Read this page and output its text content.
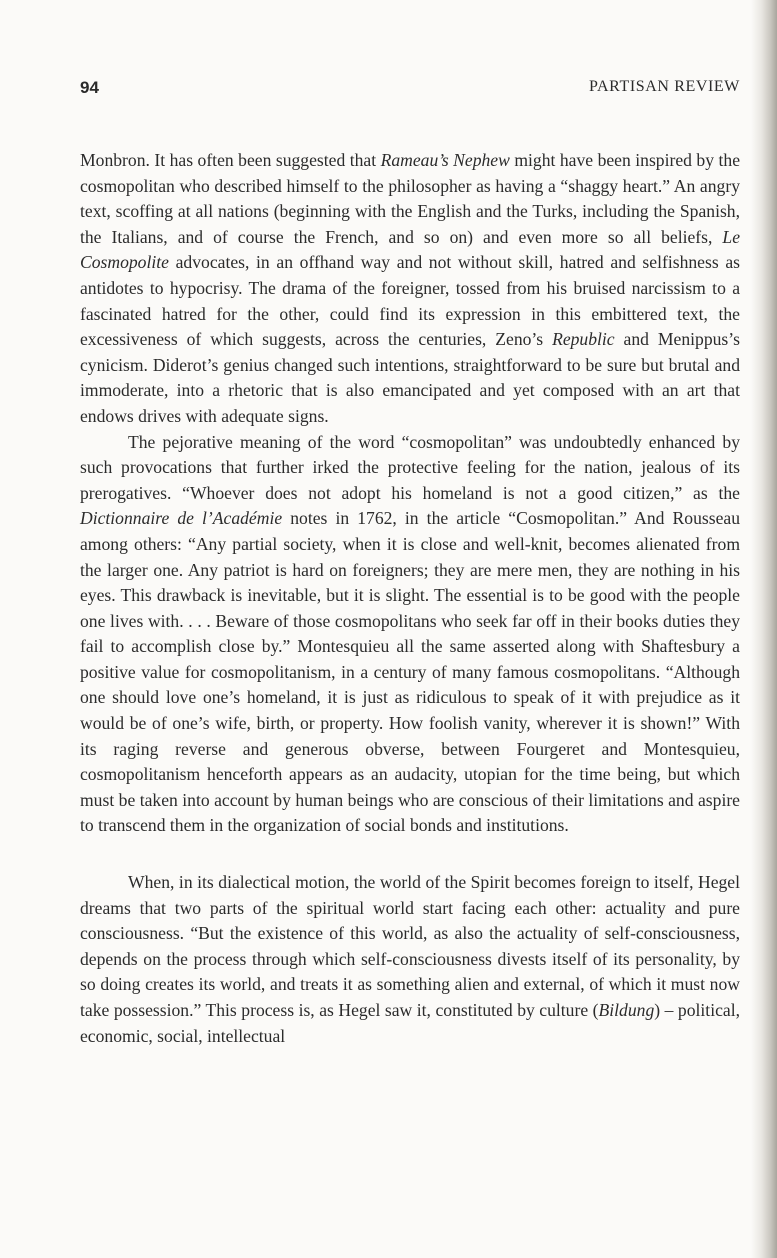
94	PARTISAN REVIEW

Monbron. It has often been suggested that Rameau’s Nephew might have been inspired by the cosmopolitan who described himself to the philosopher as having a “shaggy heart.” An angry text, scoffing at all nations (beginning with the English and the Turks, including the Spanish, the Italians, and of course the French, and so on) and even more so all beliefs, Le Cosmopolite advocates, in an offhand way and not without skill, hatred and selfishness as antidotes to hypocrisy. The drama of the foreigner, tossed from his bruised narcissism to a fascinated hatred for the other, could find its expression in this embittered text, the excessiveness of which suggests, across the centuries, Zeno’s Republic and Menippus’s cynicism. Diderot’s genius changed such intentions, straightforward to be sure but brutal and immoderate, into a rhetoric that is also emancipated and yet composed with an art that endows drives with adequate signs.

The pejorative meaning of the word “cosmopolitan” was undoubtedly enhanced by such provocations that further irked the protective feeling for the nation, jealous of its prerogatives. “Whoever does not adopt his homeland is not a good citizen,” as the Dictionnaire de l’Académie notes in 1762, in the article “Cosmopolitan.” And Rousseau among others: “Any partial society, when it is close and well-knit, becomes alienated from the larger one. Any patriot is hard on foreigners; they are mere men, they are nothing in his eyes. This drawback is inevitable, but it is slight. The essential is to be good with the people one lives with. . . . Beware of those cosmopolitans who seek far off in their books duties they fail to accomplish close by.” Montesquieu all the same asserted along with Shaftesbury a positive value for cosmopolitanism, in a century of many famous cosmopolitans. “Although one should love one’s homeland, it is just as ridiculous to speak of it with prejudice as it would be of one’s wife, birth, or property. How foolish vanity, wherever it is shown!” With its raging reverse and generous obverse, between Fourgeret and Montesquieu, cosmopolitanism henceforth appears as an audacity, utopian for the time being, but which must be taken into account by human beings who are conscious of their limitations and aspire to transcend them in the organization of social bonds and institutions.

When, in its dialectical motion, the world of the Spirit becomes foreign to itself, Hegel dreams that two parts of the spiritual world start facing each other: actuality and pure consciousness. “But the existence of this world, as also the actuality of self-consciousness, depends on the process through which self-consciousness divests itself of its personality, by so doing creates its world, and treats it as something alien and external, of which it must now take possession.” This process is, as Hegel saw it, constituted by culture (Bildung) – political, economic, social, intellectual
